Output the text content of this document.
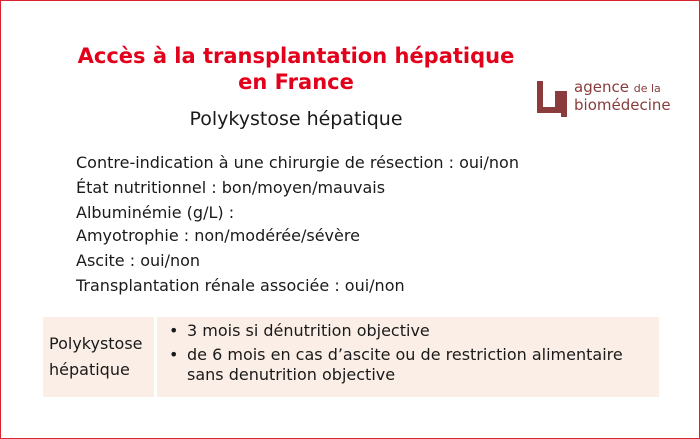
Accès à la transplantation hépatique
en France
Polykystose hépatique
agence de la
biomédecine
Contre-indication à une chirurgie de résection : oui/non
État nutritionnel : bon/moyen/mauvais
Albuminémie (g/L) :
Amyotrophie : non/modérée/sévère
Ascite : oui/non
Transplantation rénale associée : oui/non
Polykystose
hépatique
• 3 mois si dénutrition objective
• de 6 mois en cas d’ascite ou de restriction alimentaire sans denutrition objective
